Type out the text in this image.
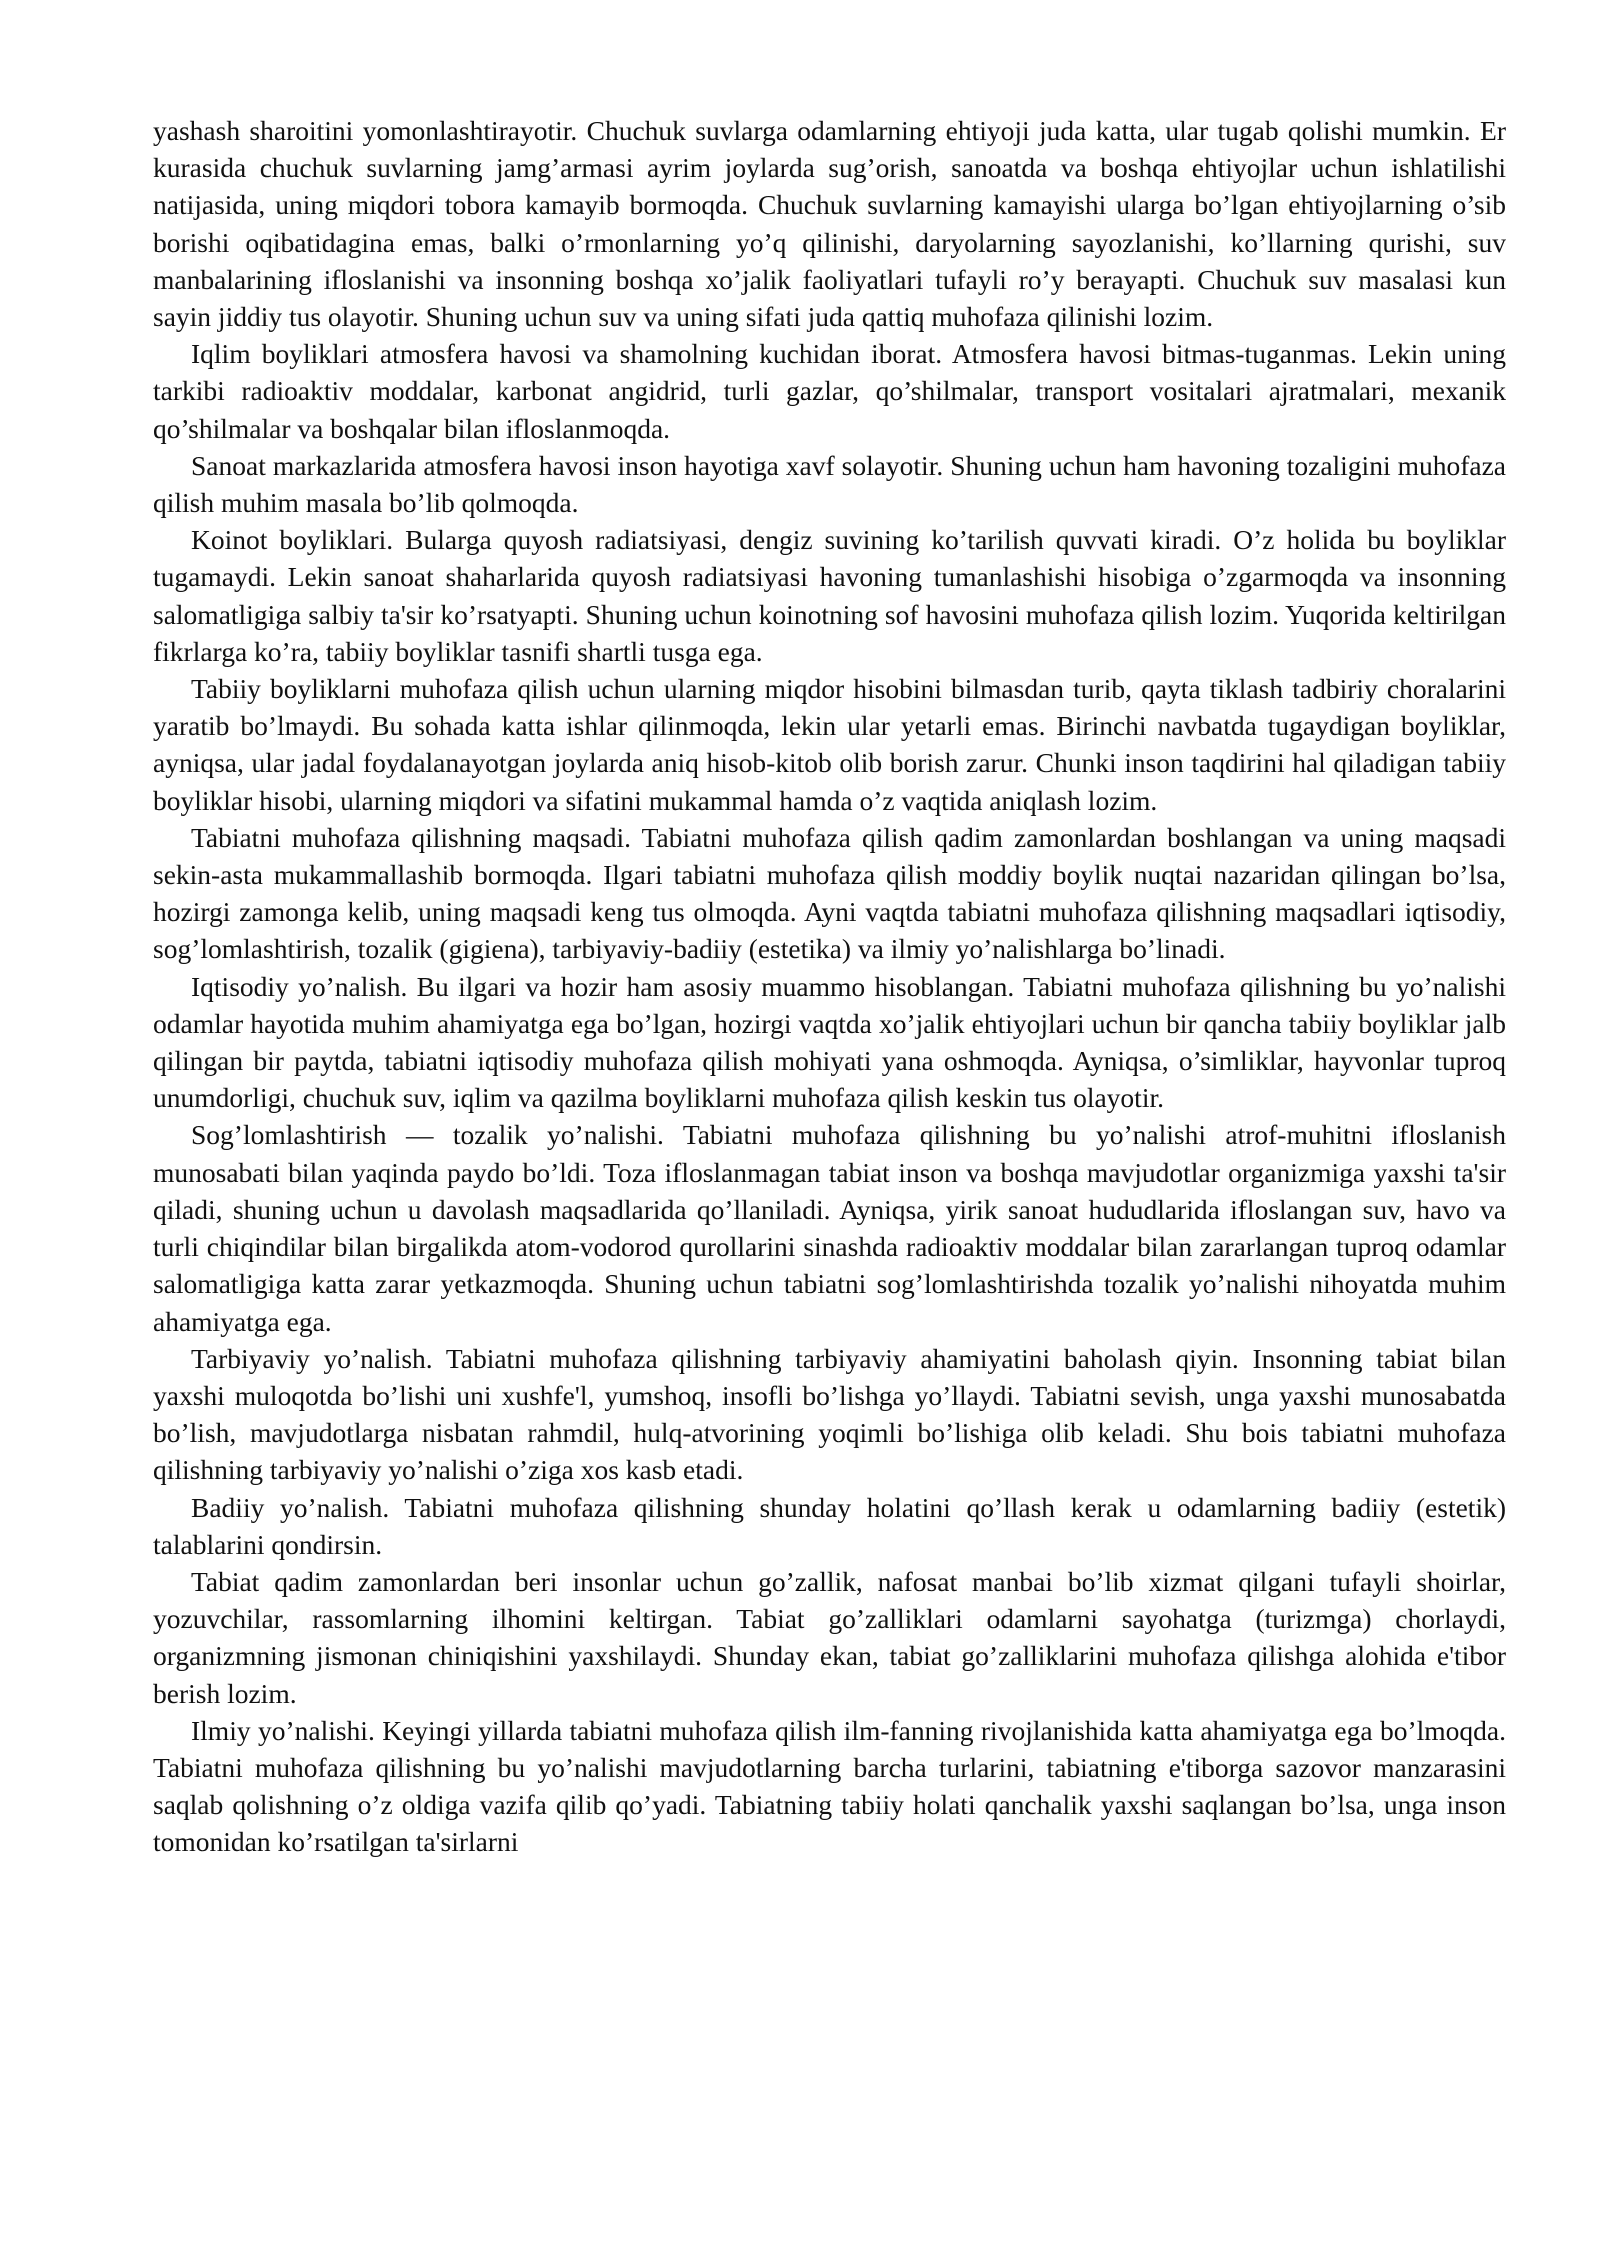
yashash sharoitini yomonlashtirayotir. Chuchuk suvlarga odamlarning ehtiyoji juda katta, ular tugab qolishi mumkin. Er kurasida chuchuk suvlarning jamg’armasi ayrim joylarda sug’orish, sanoatda va boshqa ehtiyojlar uchun ishlatilishi natijasida, uning miqdori tobora kamayib bormoqda. Chuchuk suvlarning kamayishi ularga bo’lgan ehtiyojlarning o’sib borishi oqibatidagina emas, balki o’rmonlarning yo’q qilinishi, daryolarning sayozlanishi, ko’llarning qurishi, suv manbalarining ifloslanishi va insonning boshqa xo’jalik faoliyatlari tufayli ro’y berayapti. Chuchuk suv masalasi kun sayin jiddiy tus olayotir. Shuning uchun suv va uning sifati juda qattiq muhofaza qilinishi lozim.

Iqlim boyliklari atmosfera havosi va shamolning kuchidan iborat. Atmosfera havosi bitmas-tuganmas. Lekin uning tarkibi radioaktiv moddalar, karbonat angidrid, turli gazlar, qo’shilmalar, transport vositalari ajratmalari, mexanik qo’shilmalar va boshqalar bilan ifloslanmoqda.

Sanoat markazlarida atmosfera havosi inson hayotiga xavf solayotir. Shuning uchun ham havoning tozaligini muhofaza qilish muhim masala bo’lib qolmoqda.

Koinot boyliklari. Bularga quyosh radiatsiyasi, dengiz suvining ko’tarilish quvvati kiradi. O’z holida bu boyliklar tugamaydi. Lekin sanoat shaharlarida quyosh radiatsiyasi havoning tumanlashishi hisobiga o’zgarmoqda va insonning salomatligiga salbiy ta'sir ko’rsatyapti. Shuning uchun koinotning sof havosini muhofaza qilish lozim. Yuqorida keltirilgan fikrlarga ko’ra, tabiiy boyliklar tasnifi shartli tusga ega.

Tabiiy boyliklarni muhofaza qilish uchun ularning miqdor hisobini bilmasdan turib, qayta tiklash tadbiriy choralarini yaratib bo’lmaydi. Bu sohada katta ishlar qilinmoqda, lekin ular yetarli emas. Birinchi navbatda tugaydigan boyliklar, ayniqsa, ular jadal foydalanayotgan joylarda aniq hisob-kitob olib borish zarur. Chunki inson taqdirini hal qiladigan tabiiy boyliklar hisobi, ularning miqdori va sifatini mukammal hamda o’z vaqtida aniqlash lozim.

Tabiatni muhofaza qilishning maqsadi. Tabiatni muhofaza qilish qadim zamonlardan boshlangan va uning maqsadi sekin-asta mukammallashib bormoqda. Ilgari tabiatni muhofaza qilish moddiy boylik nuqtai nazaridan qilingan bo’lsa, hozirgi zamonga kelib, uning maqsadi keng tus olmoqda. Ayni vaqtda tabiatni muhofaza qilishning maqsadlari iqtisodiy, sog’lomlashtirish, tozalik (gigiena), tarbiyaviy-badiiy (estetika) va ilmiy yo’nalishlarga bo’linadi.

Iqtisodiy yo’nalish. Bu ilgari va hozir ham asosiy muammo hisoblangan. Tabiatni muhofaza qilishning bu yo’nalishi odamlar hayotida muhim ahamiyatga ega bo’lgan, hozirgi vaqtda xo’jalik ehtiyojlari uchun bir qancha tabiiy boyliklar jalb qilingan bir paytda, tabiatni iqtisodiy muhofaza qilish mohiyati yana oshmoqda. Ayniqsa, o’simliklar, hayvonlar tuproq unumdorligi, chuchuk suv, iqlim va qazilma boyliklarni muhofaza qilish keskin tus olayotir.

Sog’lomlashtirish — tozalik yo’nalishi. Tabiatni muhofaza qilishning bu yo’nalishi atrof-muhitni ifloslanish munosabati bilan yaqinda paydo bo’ldi. Toza ifloslanmagan tabiat inson va boshqa mavjudotlar organizmiga yaxshi ta'sir qiladi, shuning uchun u davolash maqsadlarida qo’llaniladi. Ayniqsa, yirik sanoat hududlarida ifloslangan suv, havo va turli chiqindilar bilan birgalikda atom-vodorod qurollarini sinashda radioaktiv moddalar bilan zararlangan tuproq odamlar salomatligiga katta zarar yetkazmoqda. Shuning uchun tabiatni sog’lomlashtirishda tozalik yo’nalishi nihoyatda muhim ahamiyatga ega.

Tarbiyaviy yo’nalish. Tabiatni muhofaza qilishning tarbiyaviy ahamiyatini baholash qiyin. Insonning tabiat bilan yaxshi muloqotda bo’lishi uni xushfe'l, yumshoq, insofli bo’lishga yo’llaydi. Tabiatni sevish, unga yaxshi munosabatda bo’lish, mavjudotlarga nisbatan rahmdil, hulq-atvorining yoqimli bo’lishiga olib keladi. Shu bois tabiatni muhofaza qilishning tarbiyaviy yo’nalishi o’ziga xos kasb etadi.

Badiiy yo’nalish. Tabiatni muhofaza qilishning shunday holatini qo’llash kerak u odamlarning badiiy (estetik) talablarini qondirsin.

Tabiat qadim zamonlardan beri insonlar uchun go’zallik, nafosat manbai bo’lib xizmat qilgani tufayli shoirlar, yozuvchilar, rassomlarning ilhomini keltirgan. Tabiat go’zalliklari odamlarni sayohatga (turizmga) chorlaydi, organizmning jismonan chiniqishini yaxshilaydi. Shunday ekan, tabiat go’zalliklarini muhofaza qilishga alohida e'tibor berish lozim.

Ilmiy yo’nalishi. Keyingi yillarda tabiatni muhofaza qilish ilm-fanning rivojlanishida katta ahamiyatga ega bo’lmoqda. Tabiatni muhofaza qilishning bu yo’nalishi mavjudotlarning barcha turlarini, tabiatning e'tiborga sazovor manzarasini saqlab qolishning o’z oldiga vazifa qilib qo’yadi. Tabiatning tabiiy holati qanchalik yaxshi saqlangan bo’lsa, unga inson tomonidan ko’rsatilgan ta'sirlarni
